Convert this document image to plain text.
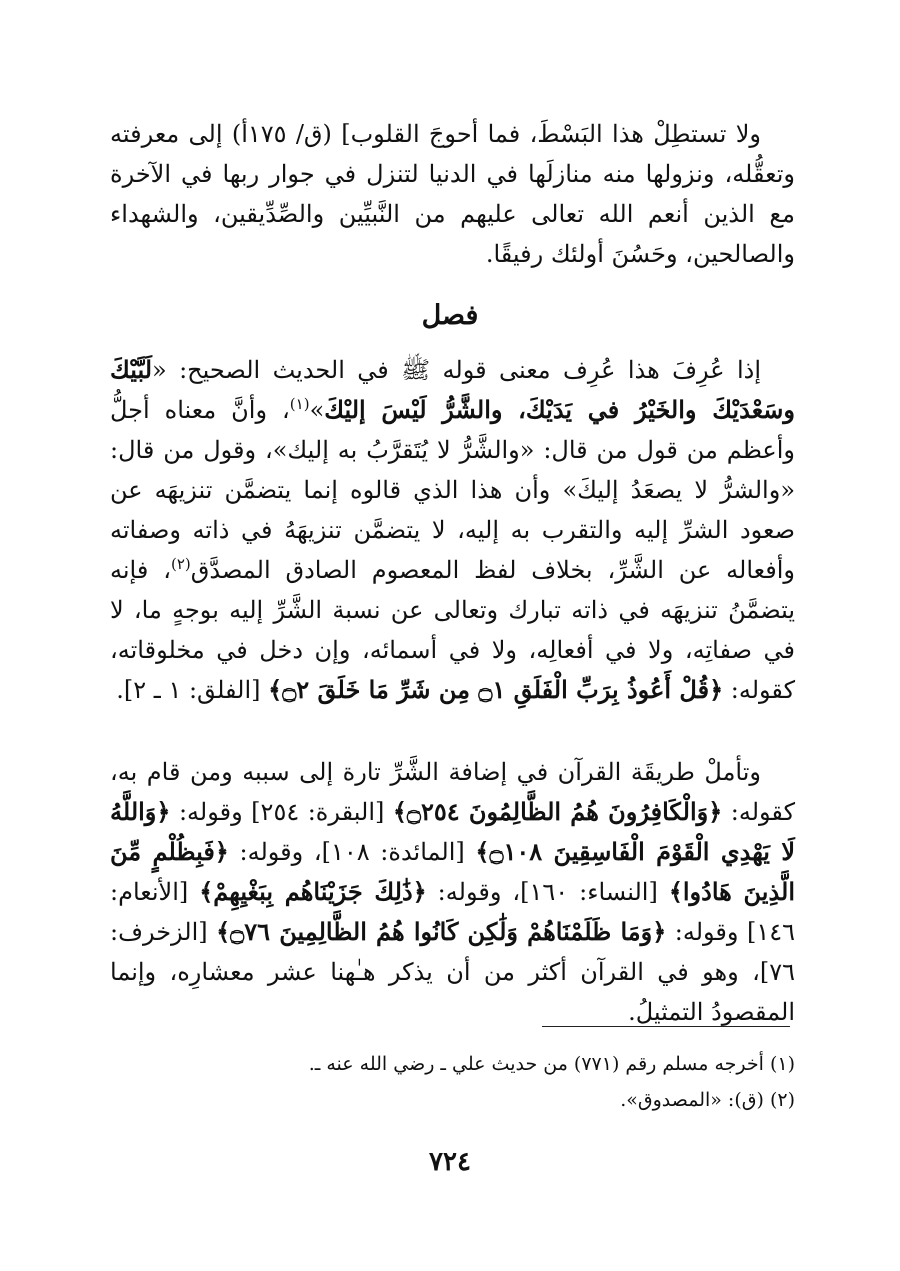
ولا تستطِلْ هذا البَسْطَ، فما أحوجَ القلوب] (ق/ ١٧٥أ) إلى معرفته وتعقُّله، ونزولها منه منازلَها في الدنيا لتنزل في جوار ربها في الآخرة مع الذين أنعم الله تعالى عليهم من النَّبيِّين والصِّدِّيقين، والشهداء والصالحين، وحَسُنَ أولئك رفيقًا.

فصل

إذا عُرِفَ هذا عُرِف معنى قوله ﷺ في الحديث الصحيح: «لَبَّيْكَ وسَعْدَيْكَ والخَيْرُ في يَدَيْكَ، والشَّرُّ لَيْسَ إليْكَ»$^{(١)}$، وأنَّ معناه أجلُّ وأعظم من قول من قال: «والشَّرُّ لا يُتَقرَّبُ به إليك»، وقول من قال: «والشرُّ لا يصعَدُ إليكَ» وأن هذا الذي قالوه إنما يتضمَّن تنزيهَه عن صعود الشرِّ إليه والتقرب به إليه، لا يتضمَّن تنزيهَهُ في ذاته وصفاته وأفعاله عن الشَّرِّ، بخلاف لفظ المعصوم الصادق المصدَّق$^{(٢)}$، فإنه يتضمَّنُ تنزيهَه في ذاته تبارك وتعالى عن نسبة الشَّرِّ إليه بوجهٍ ما، لا في صفاتِه، ولا في أفعالِه، ولا في أسمائه، وإن دخل في مخلوقاته، كقوله: ﴿قُلْ أَعُوذُ بِرَبِّ الْفَلَقِ ۝١ مِن شَرِّ مَا خَلَقَ ۝٢﴾ [الفلق: ١ ـ ٢].

وتأملْ طريقَة القرآن في إضافة الشَّرِّ تارة إلى سببه ومن قام به، كقوله: ﴿وَالْكَافِرُونَ هُمُ الظَّالِمُونَ ۝٢٥٤﴾ [البقرة: ٢٥٤] وقوله: ﴿وَاللَّهُ لَا يَهْدِي الْقَوْمَ الْفَاسِقِينَ ۝١٠٨﴾ [المائدة: ١٠٨]، وقوله: ﴿فَبِظُلْمٍ مِّنَ الَّذِينَ هَادُوا﴾ [النساء: ١٦٠]، وقوله: ﴿ذَٰلِكَ جَزَيْنَاهُم بِبَغْيِهِمْ﴾ [الأنعام: ١٤٦] وقوله: ﴿وَمَا ظَلَمْنَاهُمْ وَلَٰكِن كَانُوا هُمُ الظَّالِمِينَ ۝٧٦﴾ [الزخرف: ٧٦]، وهو في القرآن أكثر من أن يذكر هـٰهنا عشر معشارِه، وإنما المقصودُ التمثيلُ.

(١) أخرجه مسلم رقم (٧٧١) من حديث علي ـ رضي الله عنه ـ.
(٢) (ق): «المصدوق».
٧٢٤
